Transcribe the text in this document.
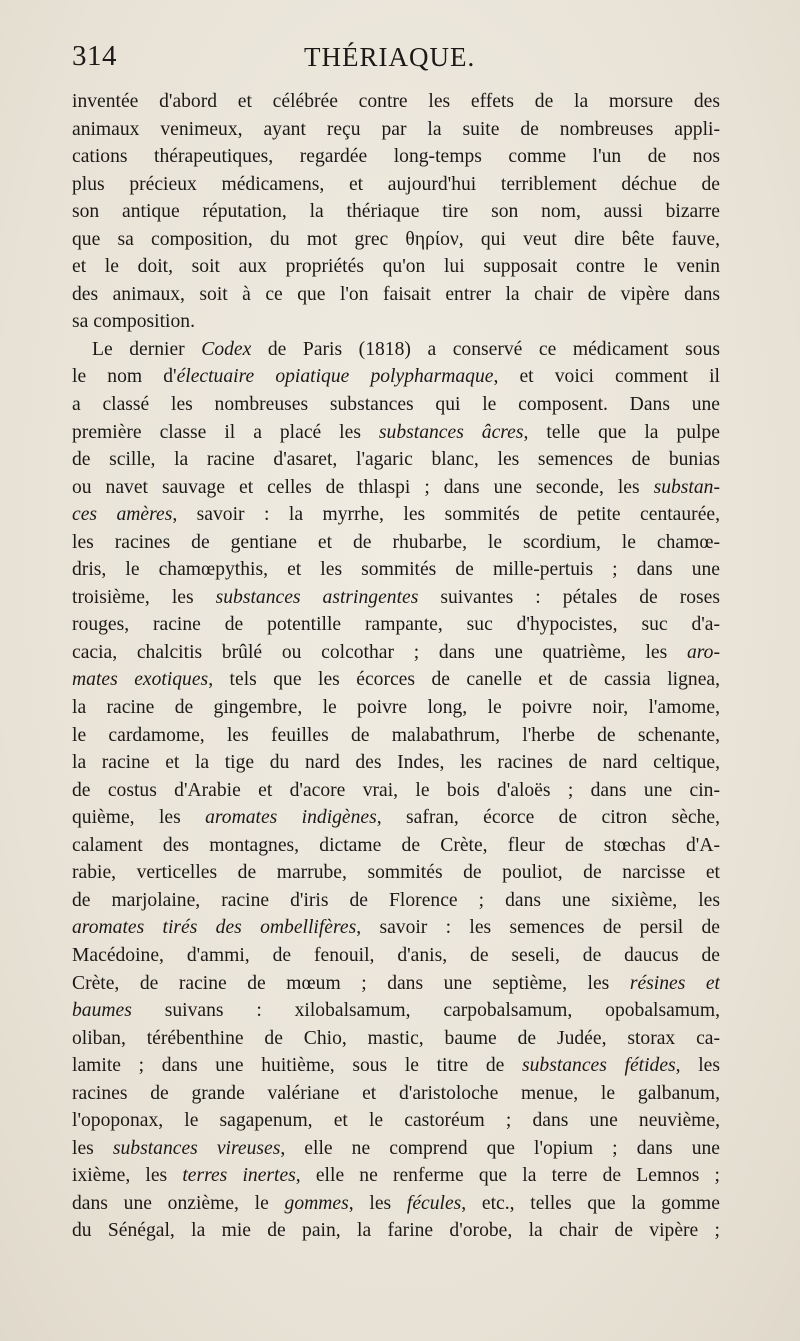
314	THÉRIAQUE.
inventée d'abord et célébrée contre les effets de la morsure des
animaux venimeux, ayant reçu par la suite de nombreuses appli-
cations thérapeutiques, regardée long-temps comme l'un de nos
plus précieux médicamens, et aujourd'hui terriblement déchue de
son antique réputation, la thériaque tire son nom, aussi bizarre
que sa composition, du mot grec θηρίον, qui veut dire bête fauve,
et le doit, soit aux propriétés qu'on lui supposait contre le venin
des animaux, soit à ce que l'on faisait entrer la chair de vipère dans
sa composition.
Le dernier Codex de Paris (1818) a conservé ce médicament sous
le nom d'électuaire opiatique polypharmaque, et voici comment il
a classé les nombreuses substances qui le composent. Dans une
première classe il a placé les substances âcres, telle que la pulpe
de scille, la racine d'asaret, l'agaric blanc, les semences de bunias
ou navet sauvage et celles de thlaspi ; dans une seconde, les substan-
ces amères, savoir : la myrrhe, les sommités de petite centaurée,
les racines de gentiane et de rhubarbe, le scordium, le chamœ-
dris, le chamœpythis, et les sommités de mille-pertuis ; dans une
troisième, les substances astringentes suivantes : pétales de roses
rouges, racine de potentille rampante, suc d'hypocistes, suc d'a-
cacia, chalcitis brûlé ou colcothar ; dans une quatrième, les aro-
mates exotiques, tels que les écorces de canelle et de cassia lignea,
la racine de gingembre, le poivre long, le poivre noir, l'amome,
le cardamome, les feuilles de malabathrum, l'herbe de schenante,
la racine et la tige du nard des Indes, les racines de nard celtique,
de costus d'Arabie et d'acore vrai, le bois d'aloës ; dans une cin-
quième, les aromates indigènes, safran, écorce de citron sèche,
calament des montagnes, dictame de Crète, fleur de stœchas d'A-
rabie, verticelles de marrube, sommités de pouliot, de narcisse et
de marjolaine, racine d'iris de Florence ; dans une sixième, les
aromates tirés des ombellifères, savoir : les semences de persil de
Macédoine, d'ammi, de fenouil, d'anis, de seseli, de daucus de
Crète, de racine de mœum ; dans une septième, les résines et
baumes suivans : xilobalsamum, carpobalsamum, opobalsamum,
oliban, térébenthine de Chio, mastic, baume de Judée, storax ca-
lamite ; dans une huitième, sous le titre de substances fétides, les
racines de grande valériane et d'aristoloche menue, le galbanum,
l'opoponax, le sagapenum, et le castoréum ; dans une neuvième,
les substances vireuses, elle ne comprend que l'opium ; dans une
ixième, les terres inertes, elle ne renferme que la terre de Lemnos ;
dans une onzième, le gommes, les fécules, etc., telles que la gomme
du Sénégal, la mie de pain, la farine d'orobe, la chair de vipère ;
